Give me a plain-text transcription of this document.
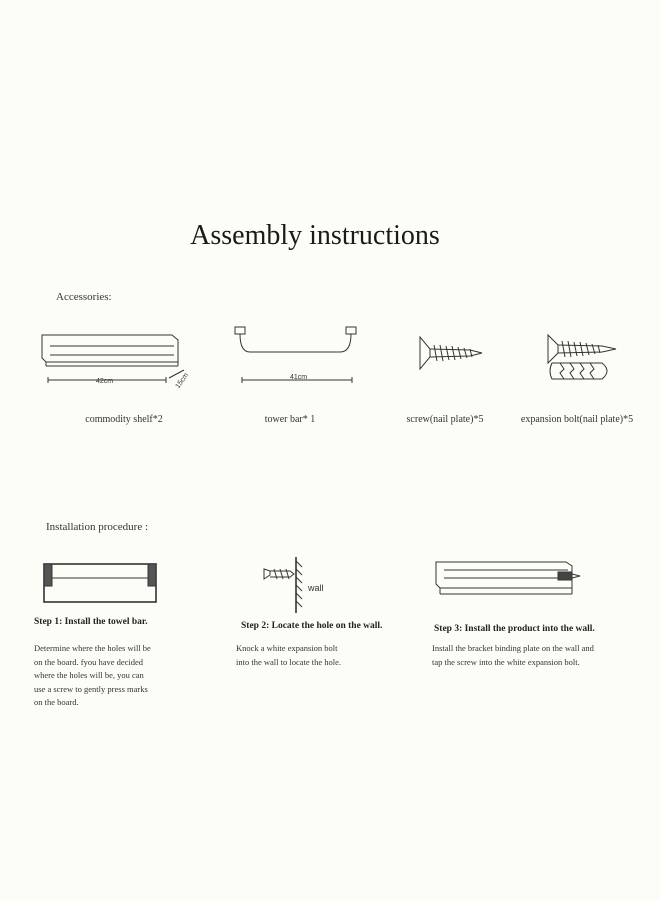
Assembly instructions
Accessories:
42cm	15cm
commodity shelf*2
41cm
tower bar* 1	screw(nail plate)*5	expansion bolt(nail plate)*5
Installation procedure :
Step 1: Install the towel bar.
Determine where the holes will be
on the board. fyou have decided
where the holes will be, you can
use a screw to gently press marks
on the board.
wall
Step 2: Locate the hole on the wall.
Knock a white expansion bolt
into the wall to locate the hole.
Step 3: Install the product into the wall.
Install the bracket binding plate on the wall and
tap the screw into the white expansion bolt.
